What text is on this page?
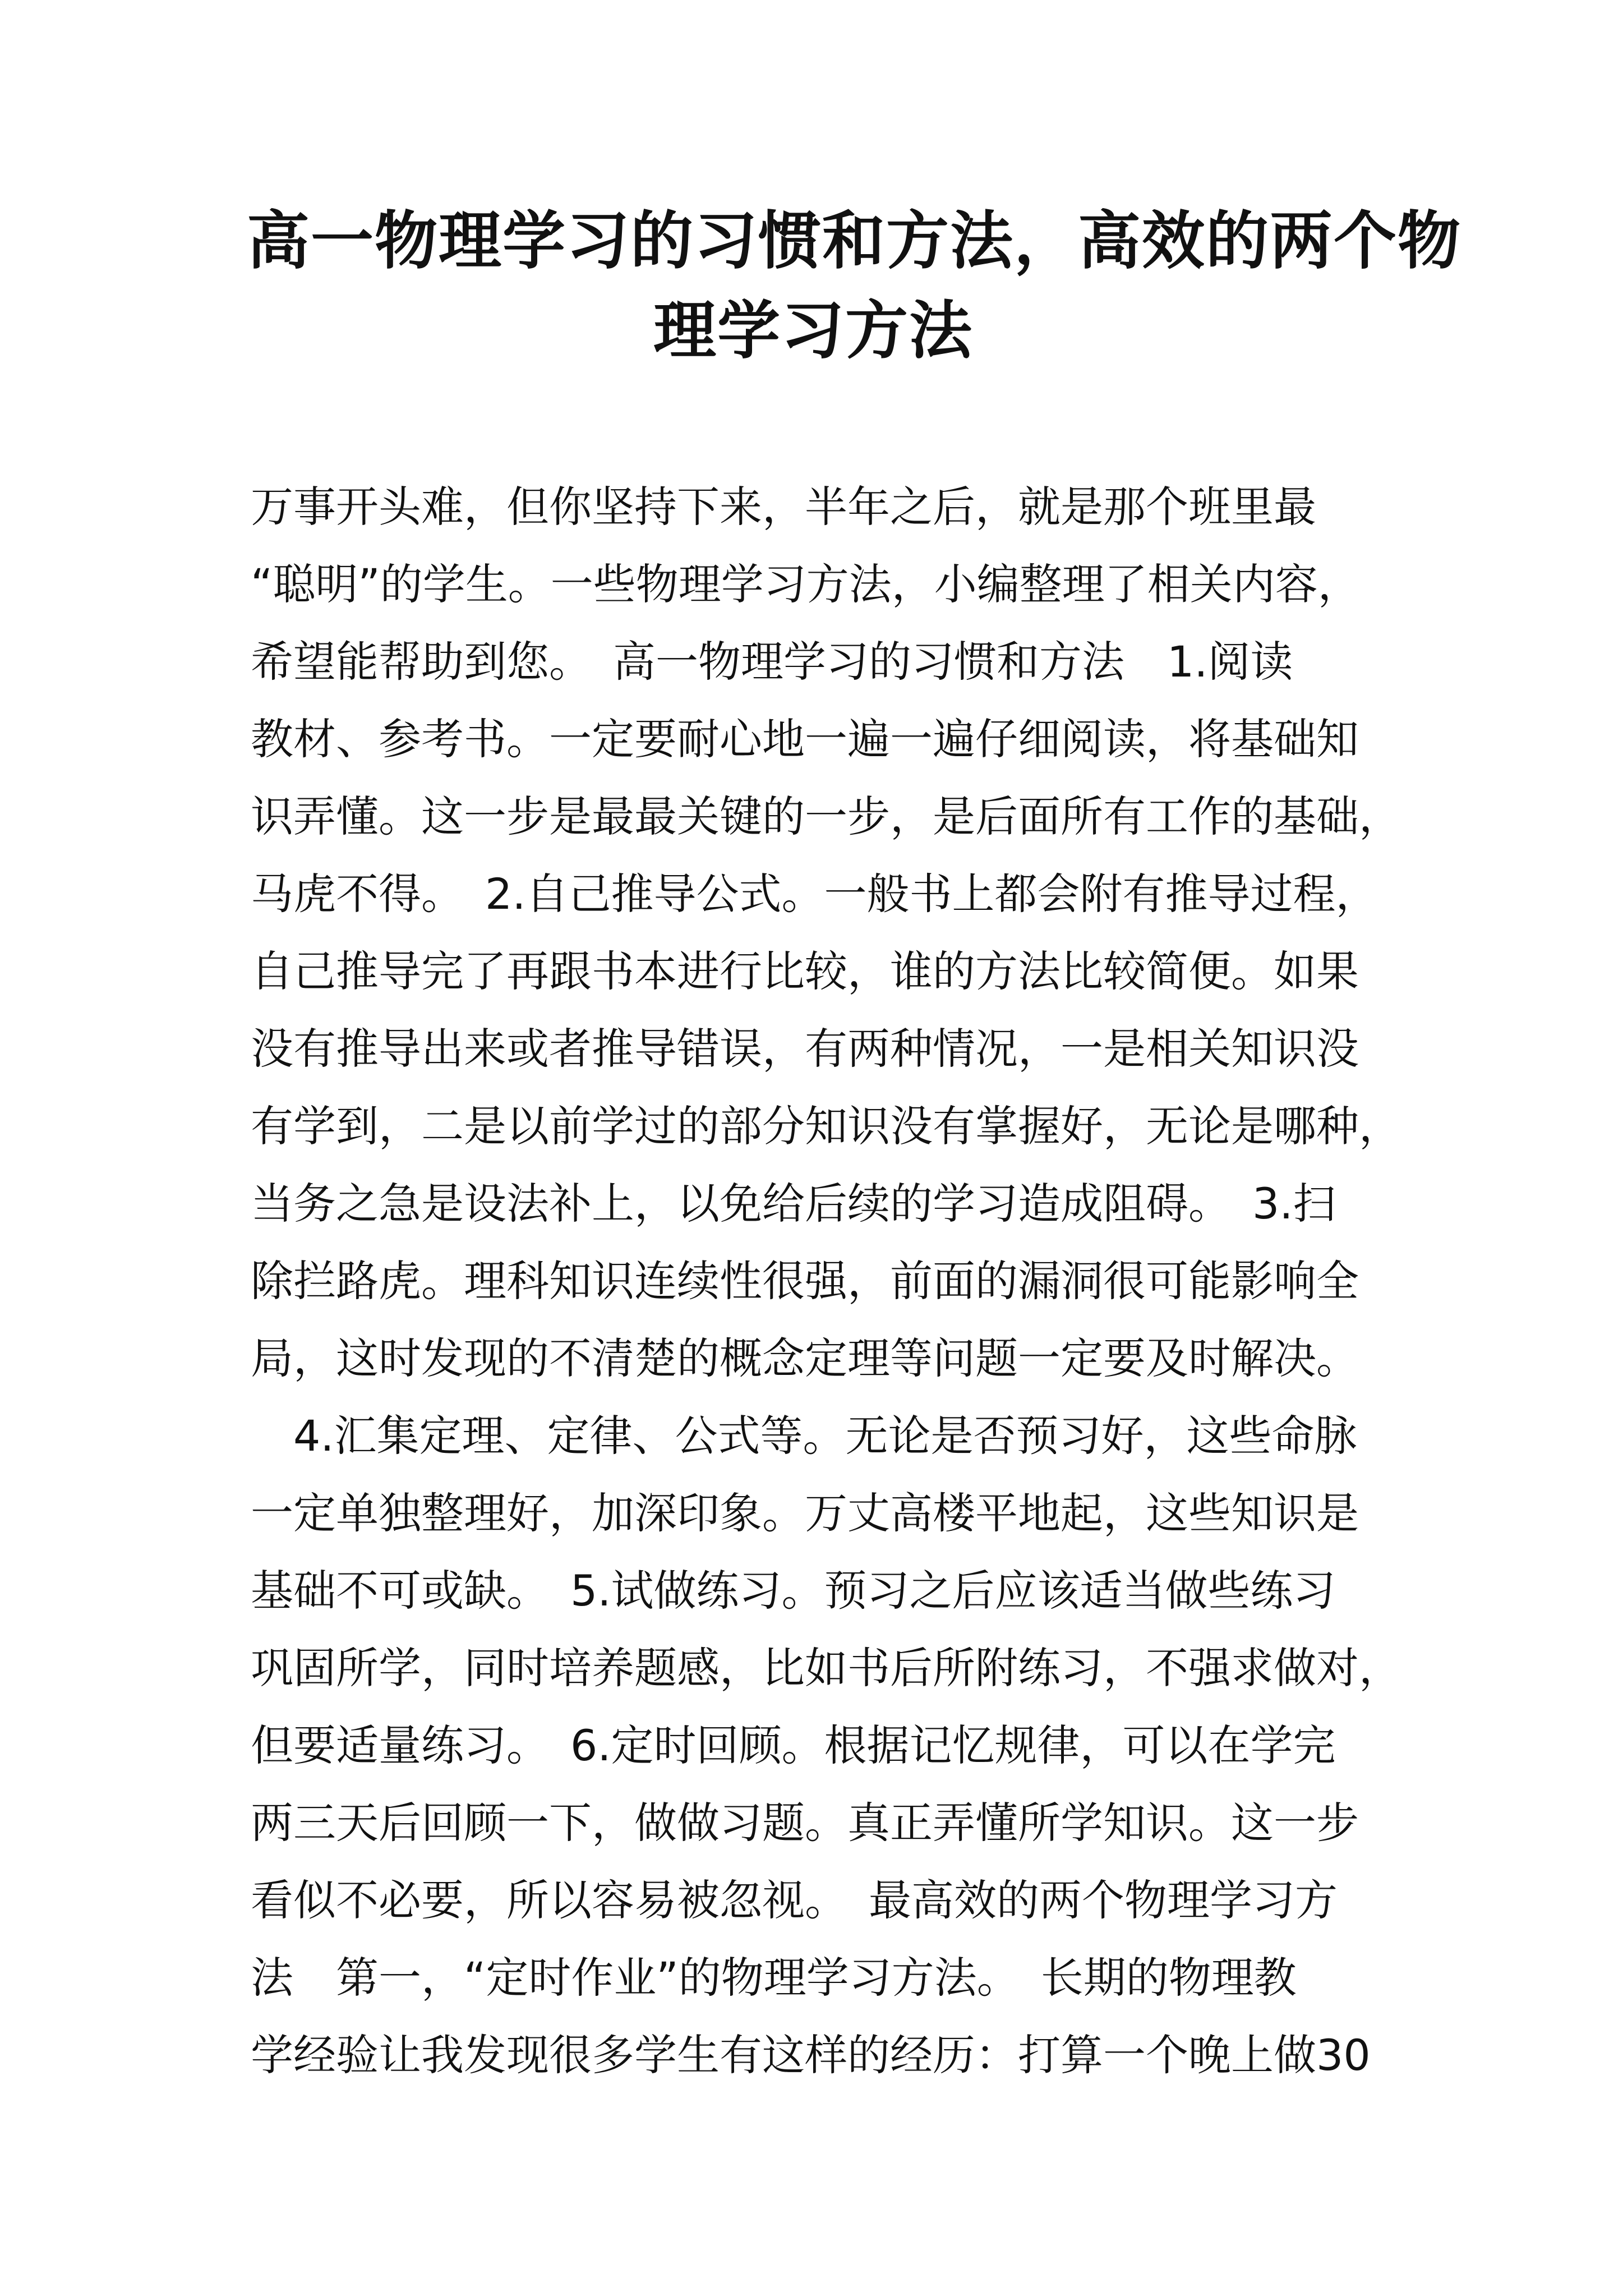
高一物理学习的习惯和方法，高效的两个物
理学习方法
万事开头难，但你坚持下来，半年之后，就是那个班里最
“聪明”的学生。一些物理学习方法，小编整理了相关内容，
希望能帮助到您。　高一物理学习的习惯和方法　1.阅读
教材、参考书。一定要耐心地一遍一遍仔细阅读，将基础知
识弄懂。这一步是最最关键的一步，是后面所有工作的基础，
马虎不得。　2.自己推导公式。一般书上都会附有推导过程，
自己推导完了再跟书本进行比较，谁的方法比较简便。如果
没有推导出来或者推导错误，有两种情况，一是相关知识没
有学到，二是以前学过的部分知识没有掌握好，无论是哪种，
当务之急是设法补上，以免给后续的学习造成阻碍。　3.扫
除拦路虎。理科知识连续性很强，前面的漏洞很可能影响全
局，这时发现的不清楚的概念定理等问题一定要及时解决。
　4.汇集定理、定律、公式等。无论是否预习好，这些命脉
一定单独整理好，加深印象。万丈高楼平地起，这些知识是
基础不可或缺。　5.试做练习。预习之后应该适当做些练习
巩固所学，同时培养题感，比如书后所附练习，不强求做对，
但要适量练习。　6.定时回顾。根据记忆规律，可以在学完
两三天后回顾一下，做做习题。真正弄懂所学知识。这一步
看似不必要，所以容易被忽视。　最高效的两个物理学习方
法　第一，“定时作业”的物理学习方法。　长期的物理教
学经验让我发现很多学生有这样的经历：打算一个晚上做30
